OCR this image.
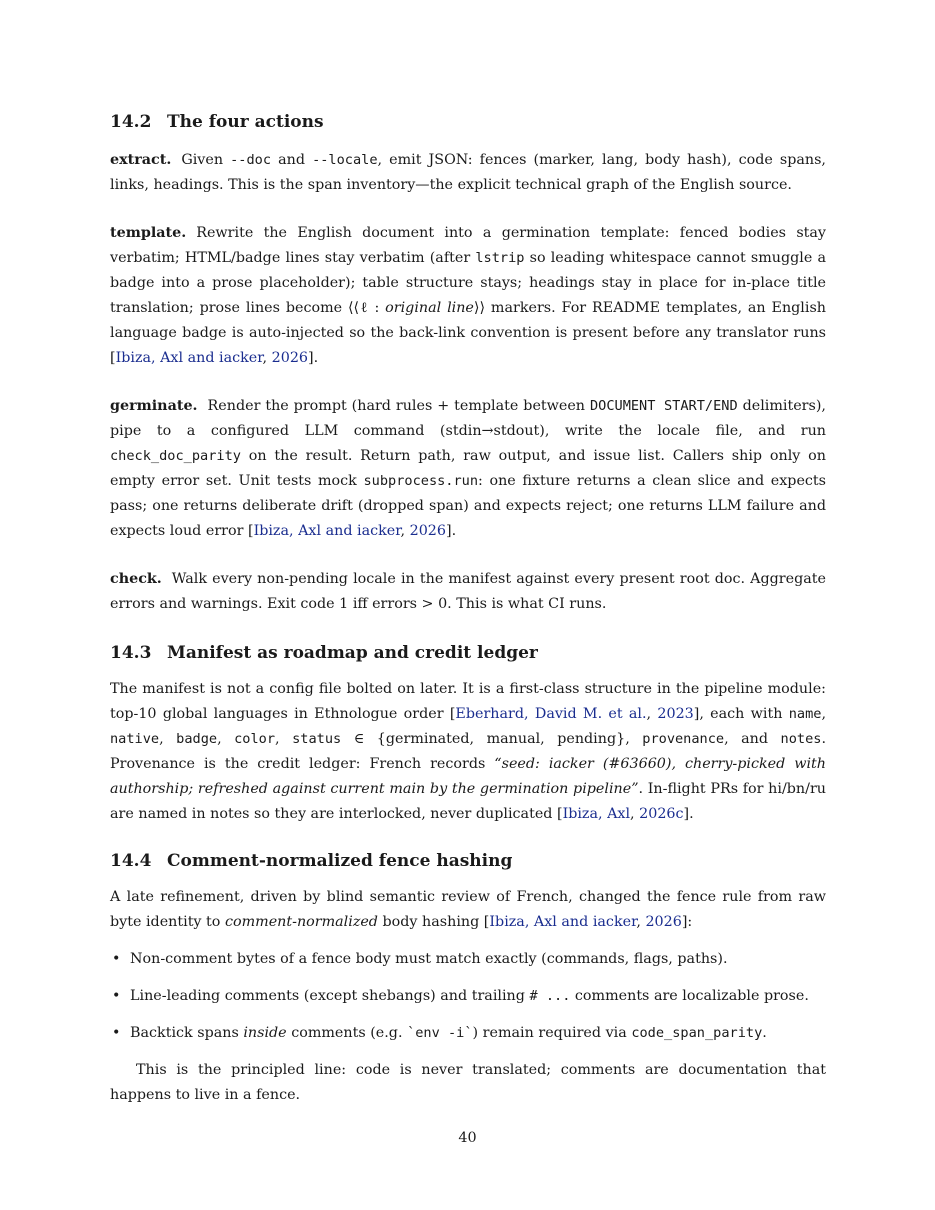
14.2 The four actions

extract. Given --doc and --locale, emit JSON: fences (marker, lang, body hash), code spans, links, headings. This is the span inventory—the explicit technical graph of the English source.

template. Rewrite the English document into a germination template: fenced bodies stay verbatim; HTML/badge lines stay verbatim (after lstrip so leading whitespace cannot smuggle a badge into a prose placeholder); table structure stays; headings stay in place for in-place title translation; prose lines become ⟨⟨ℓ : original line⟩⟩ markers. For README templates, an English language badge is auto-injected so the back-link convention is present before any translator runs [Ibiza, Axl and iacker, 2026].

germinate. Render the prompt (hard rules + template between DOCUMENT START/END delimiters), pipe to a configured LLM command (stdin→stdout), write the locale file, and run check_doc_parity on the result. Return path, raw output, and issue list. Callers ship only on empty error set. Unit tests mock subprocess.run: one fixture returns a clean slice and expects pass; one returns deliberate drift (dropped span) and expects reject; one returns LLM failure and expects loud error [Ibiza, Axl and iacker, 2026].

check. Walk every non-pending locale in the manifest against every present root doc. Aggregate errors and warnings. Exit code 1 iff errors > 0. This is what CI runs.

14.3 Manifest as roadmap and credit ledger

The manifest is not a config file bolted on later. It is a first-class structure in the pipeline module: top-10 global languages in Ethnologue order [Eberhard, David M. et al., 2023], each with name, native, badge, color, status ∈ {germinated, manual, pending}, provenance, and notes. Provenance is the credit ledger: French records “seed: iacker (#63660), cherry-picked with authorship; refreshed against current main by the germination pipeline”. In-flight PRs for hi/bn/ru are named in notes so they are interlocked, never duplicated [Ibiza, Axl, 2026c].

14.4 Comment-normalized fence hashing

A late refinement, driven by blind semantic review of French, changed the fence rule from raw byte identity to comment-normalized body hashing [Ibiza, Axl and iacker, 2026]:

• Non-comment bytes of a fence body must match exactly (commands, flags, paths).
• Line-leading comments (except shebangs) and trailing # ... comments are localizable prose.
• Backtick spans inside comments (e.g. `env -i`) remain required via code_span_parity.

This is the principled line: code is never translated; comments are documentation that happens to live in a fence.

40
